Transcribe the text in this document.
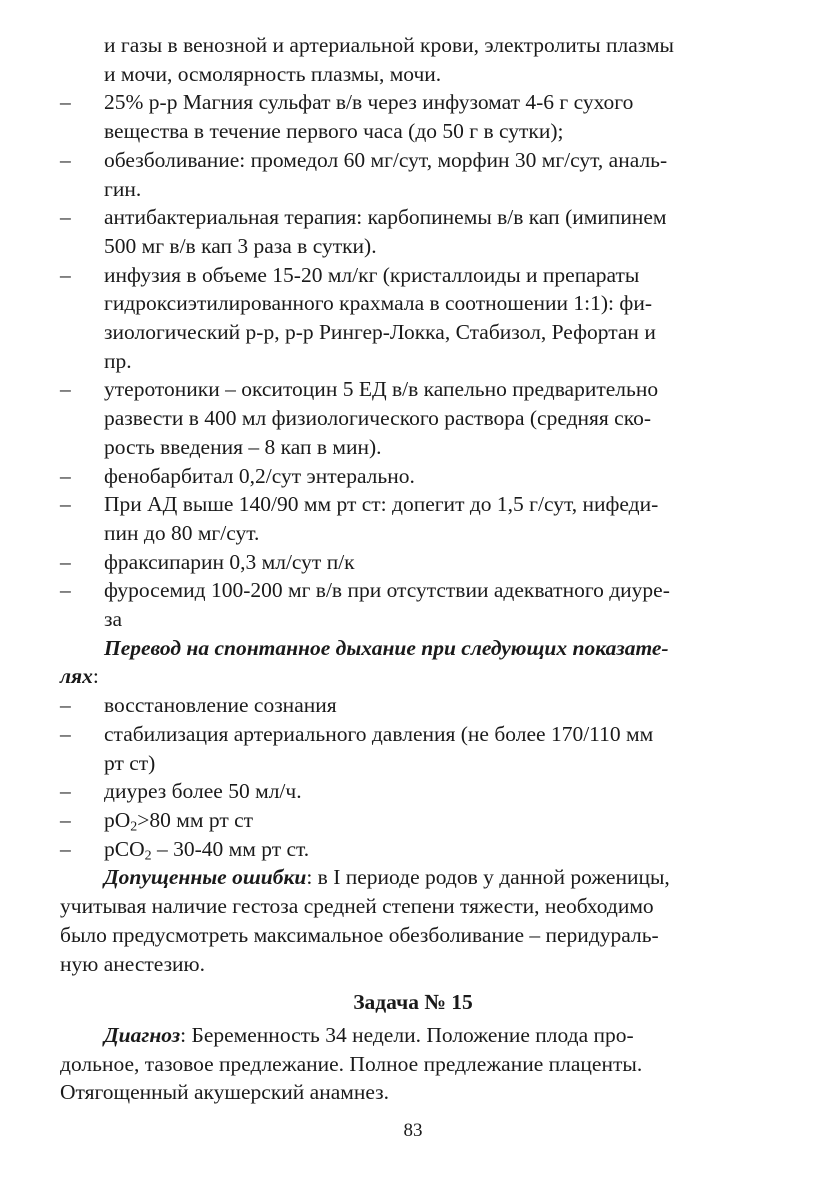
и газы в венозной и артериальной крови, электролиты плазмы
и мочи, осмолярность плазмы, мочи.
– 25% р-р Магния сульфат в/в через инфузомат 4-6 г сухого
вещества в течение первого часа (до 50 г в сутки);
– обезболивание: промедол 60 мг/сут, морфин 30 мг/сут, аналь-
гин.
– антибактериальная терапия: карбопинемы в/в кап (имипинем
500 мг в/в кап 3 раза в сутки).
– инфузия в объеме 15-20 мл/кг (кристаллоиды и препараты
гидроксиэтилированного крахмала в соотношении 1:1): фи-
зиологический р-р, р-р Рингер-Локка, Стабизол, Рефортан и
пр.
– утеротоники – окситоцин 5 ЕД в/в капельно предварительно
развести в 400 мл физиологического раствора (средняя ско-
рость введения – 8 кап в мин).
– фенобарбитал 0,2/сут энтерально.
– При АД выше 140/90 мм рт ст: допегит до 1,5 г/сут, нифеди-
пин до 80 мг/сут.
– фраксипарин 0,3 мл/сут п/к
– фуросемид 100-200 мг в/в при отсутствии адекватного диуре-
за
Перевод на спонтанное дыхание при следующих показате-
лях:
– восстановление сознания
– стабилизация артериального давления (не более 170/110 мм
рт ст)
– диурез более 50 мл/ч.
– $pO_2>80$ мм рт ст
– pCO$_2$ – 30-40 мм рт ст.
Допущенные ошибки: в I периоде родов у данной роженицы,
учитывая наличие гестоза средней степени тяжести, необходимо
было предусмотреть максимальное обезболивание – перидураль-
ную анестезию.
Задача № 15
Диагноз: Беременность 34 недели. Положение плода про-
дольное, тазовое предлежание. Полное предлежание плаценты.
Отягощенный акушерский анамнез.
83
